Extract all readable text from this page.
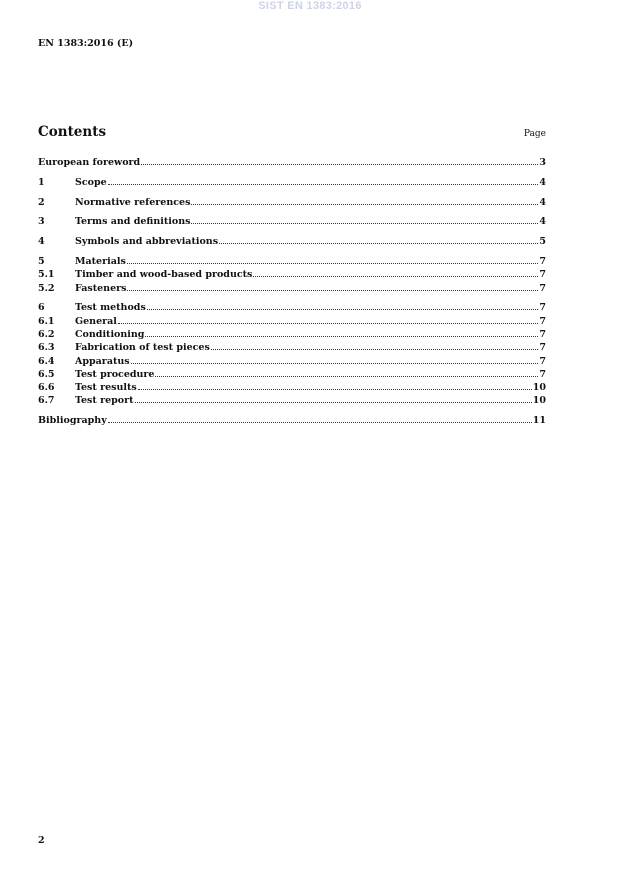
SIST EN 1383:2016
EN 1383:2016 (E)
Contents	Page
European foreword	3
1	Scope	4
2	Normative references	4
3	Terms and definitions	4
4	Symbols and abbreviations	5
5	Materials	7
5.1	Timber and wood-based products	7
5.2	Fasteners	7
6	Test methods	7
6.1	General	7
6.2	Conditioning	7
6.3	Fabrication of test pieces	7
6.4	Apparatus	7
6.5	Test procedure	7
6.6	Test results	10
6.7	Test report	10
Bibliography	11
2
